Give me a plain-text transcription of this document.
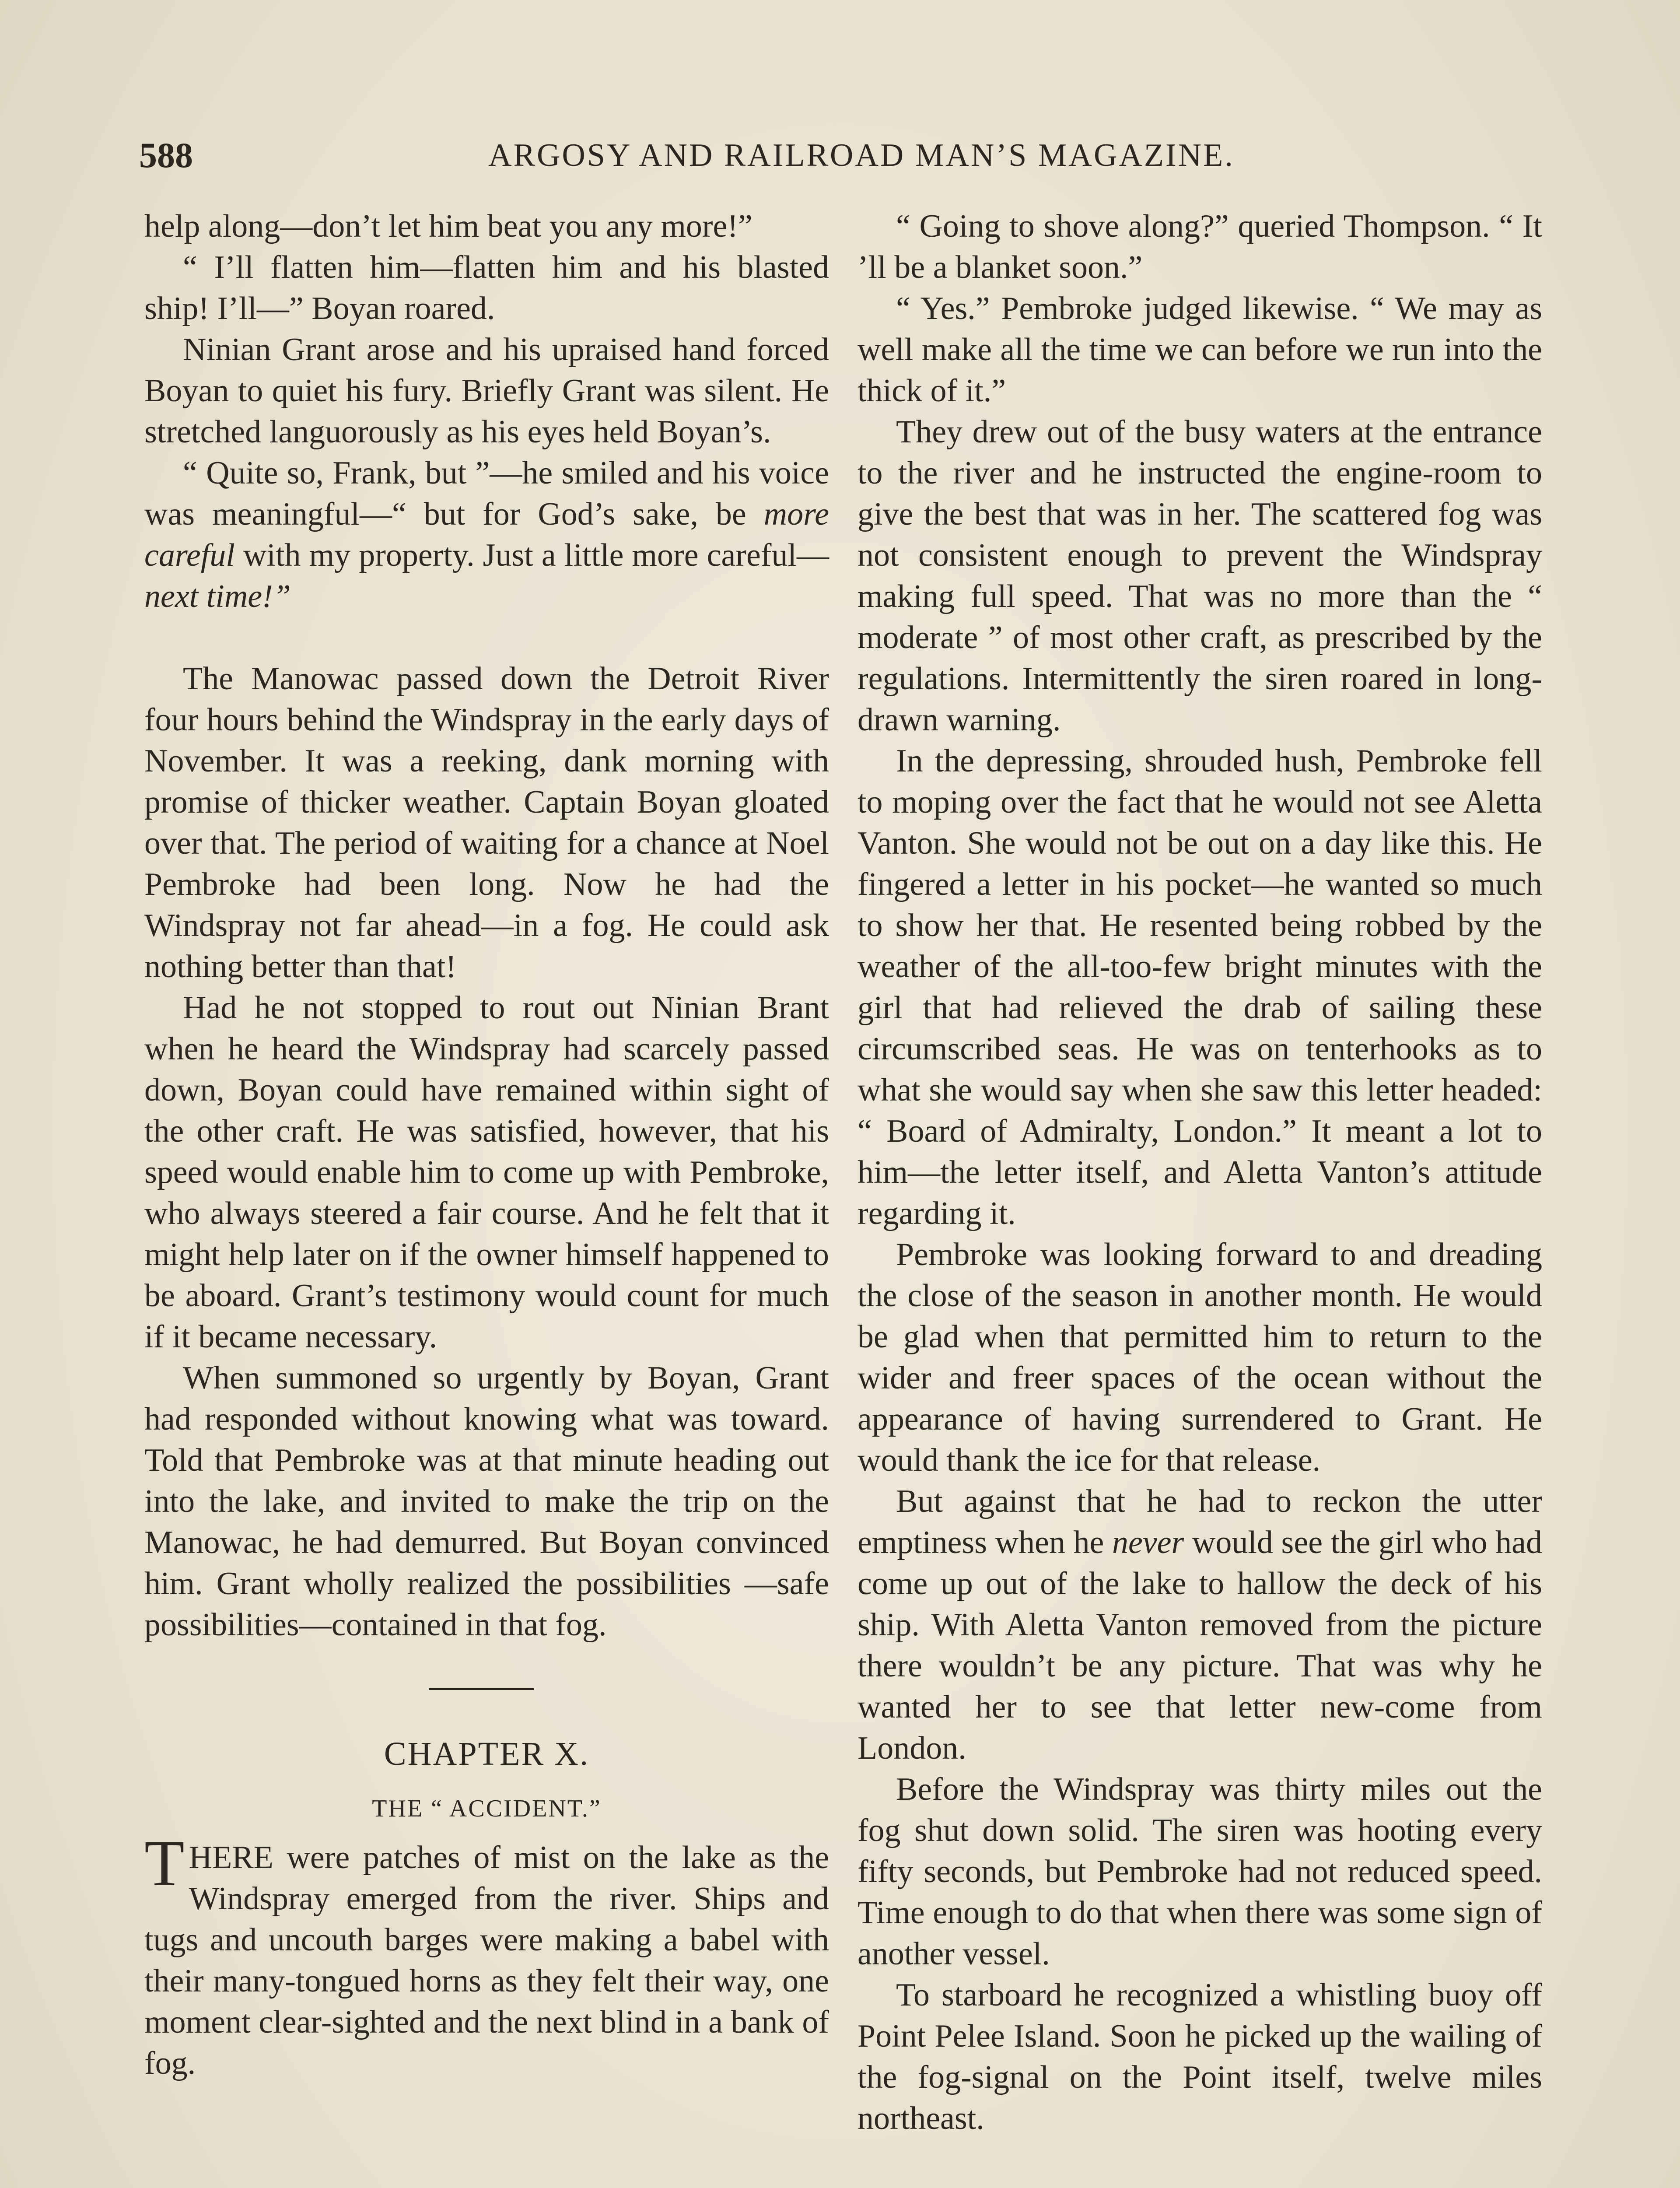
588	ARGOSY AND RAILROAD MAN’S MAGAZINE.

help along—don’t let him beat you any more!”

“ I’ll flatten him—flatten him and his blasted ship! I’ll—” Boyan roared.

Ninian Grant arose and his upraised hand forced Boyan to quiet his fury. Briefly Grant was silent. He stretched languorously as his eyes held Boyan’s.

“ Quite so, Frank, but ”—he smiled and his voice was meaningful—“ but for God’s sake, be more careful with my property. Just a little more careful—next time!”

The Manowac passed down the Detroit River four hours behind the Windspray in the early days of November. It was a reeking, dank morning with promise of thicker weather. Captain Boyan gloated over that. The period of waiting for a chance at Noel Pembroke had been long. Now he had the Windspray not far ahead—in a fog. He could ask nothing better than that!

Had he not stopped to rout out Ninian Brant when he heard the Windspray had scarcely passed down, Boyan could have remained within sight of the other craft. He was satisfied, however, that his speed would enable him to come up with Pembroke, who always steered a fair course. And he felt that it might help later on if the owner himself happened to be aboard. Grant’s testimony would count for much if it became necessary.

When summoned so urgently by Boyan, Grant had responded without knowing what was toward. Told that Pembroke was at that minute heading out into the lake, and invited to make the trip on the Manowac, he had demurred. But Boyan convinced him. Grant wholly realized the possibilities —safe possibilities—contained in that fog.

CHAPTER X.

THE “ ACCIDENT.”

THERE were patches of mist on the lake as the Windspray emerged from the river. Ships and tugs and uncouth barges were making a babel with their many-tongued horns as they felt their way, one moment clear-sighted and the next blind in a bank of fog.

“ Going to shove along?” queried Thompson. “ It ’ll be a blanket soon.”

“ Yes.” Pembroke judged likewise. “ We may as well make all the time we can before we run into the thick of it.”

They drew out of the busy waters at the entrance to the river and he instructed the engine-room to give the best that was in her. The scattered fog was not consistent enough to prevent the Windspray making full speed. That was no more than the “ moderate ” of most other craft, as prescribed by the regulations. Intermittently the siren roared in long-drawn warning.

In the depressing, shrouded hush, Pembroke fell to moping over the fact that he would not see Aletta Vanton. She would not be out on a day like this. He fingered a letter in his pocket—he wanted so much to show her that. He resented being robbed by the weather of the all-too-few bright minutes with the girl that had relieved the drab of sailing these circumscribed seas. He was on tenterhooks as to what she would say when she saw this letter headed: “ Board of Admiralty, London.” It meant a lot to him—the letter itself, and Aletta Vanton’s attitude regarding it.

Pembroke was looking forward to and dreading the close of the season in another month. He would be glad when that permitted him to return to the wider and freer spaces of the ocean without the appearance of having surrendered to Grant. He would thank the ice for that release.

But against that he had to reckon the utter emptiness when he never would see the girl who had come up out of the lake to hallow the deck of his ship. With Aletta Vanton removed from the picture there wouldn’t be any picture. That was why he wanted her to see that letter new-come from London.

Before the Windspray was thirty miles out the fog shut down solid. The siren was hooting every fifty seconds, but Pembroke had not reduced speed. Time enough to do that when there was some sign of another vessel.

To starboard he recognized a whistling buoy off Point Pelee Island. Soon he picked up the wailing of the fog-signal on the Point itself, twelve miles northeast.
